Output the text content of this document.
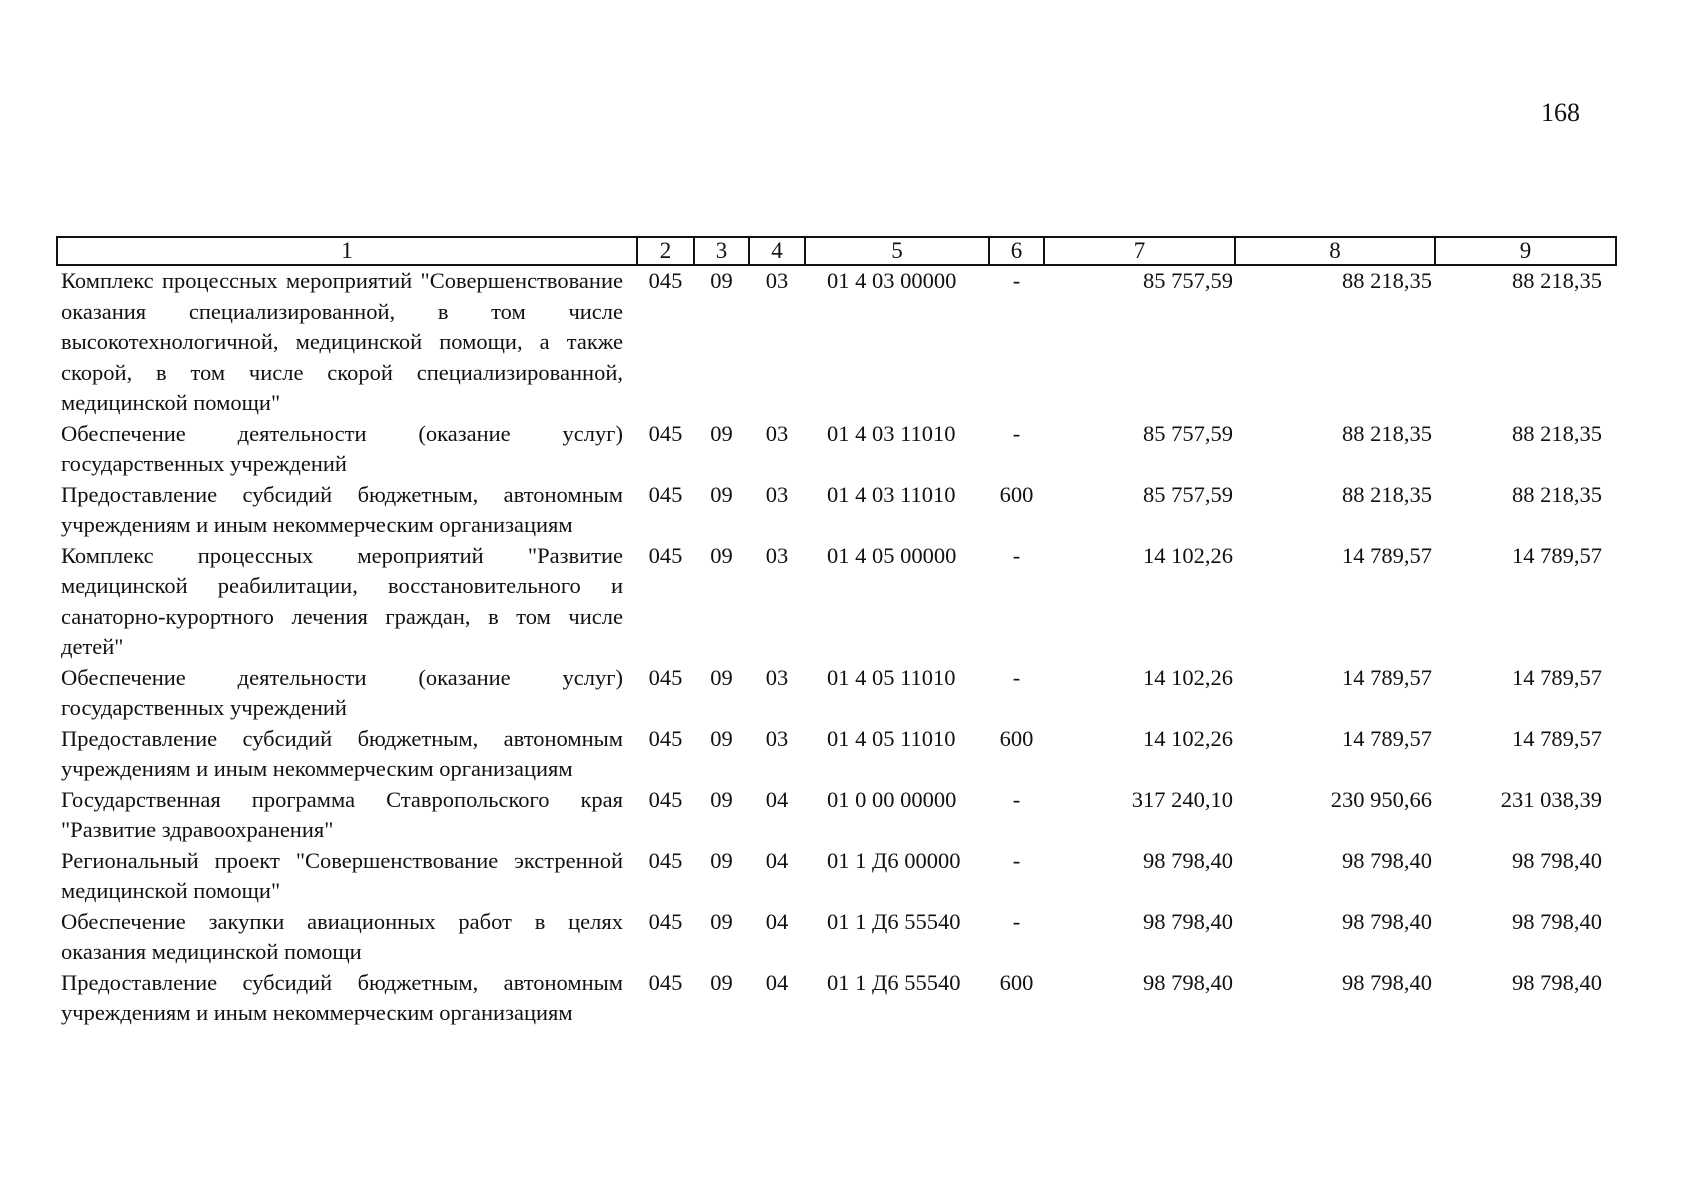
168
1	2	3	4	5	6	7	8	9
Комплекс процессных мероприятий "Совершенствование оказания специализированной, в том числе высокотехнологичной, медицинской помощи, а также скорой, в том числе скорой специализированной, медицинской помощи"	045	09	03	01 4 03 00000	-	85 757,59	88 218,35	88 218,35
Обеспечение деятельности (оказание услуг) государственных учреждений	045	09	03	01 4 03 11010	-	85 757,59	88 218,35	88 218,35
Предоставление субсидий бюджетным, автономным учреждениям и иным некоммерческим организациям	045	09	03	01 4 03 11010	600	85 757,59	88 218,35	88 218,35
Комплекс процессных мероприятий "Развитие медицинской реабилитации, восстановительного и санаторно-курортного лечения граждан, в том числе детей"	045	09	03	01 4 05 00000	-	14 102,26	14 789,57	14 789,57
Обеспечение деятельности (оказание услуг) государственных учреждений	045	09	03	01 4 05 11010	-	14 102,26	14 789,57	14 789,57
Предоставление субсидий бюджетным, автономным учреждениям и иным некоммерческим организациям	045	09	03	01 4 05 11010	600	14 102,26	14 789,57	14 789,57
Государственная программа Ставропольского края "Развитие здравоохранения"	045	09	04	01 0 00 00000	-	317 240,10	230 950,66	231 038,39
Региональный проект "Совершенствование экстренной медицинской помощи"	045	09	04	01 1 Д6 00000	-	98 798,40	98 798,40	98 798,40
Обеспечение закупки авиационных работ в целях оказания медицинской помощи	045	09	04	01 1 Д6 55540	-	98 798,40	98 798,40	98 798,40
Предоставление субсидий бюджетным, автономным учреждениям и иным некоммерческим организациям	045	09	04	01 1 Д6 55540	600	98 798,40	98 798,40	98 798,40
